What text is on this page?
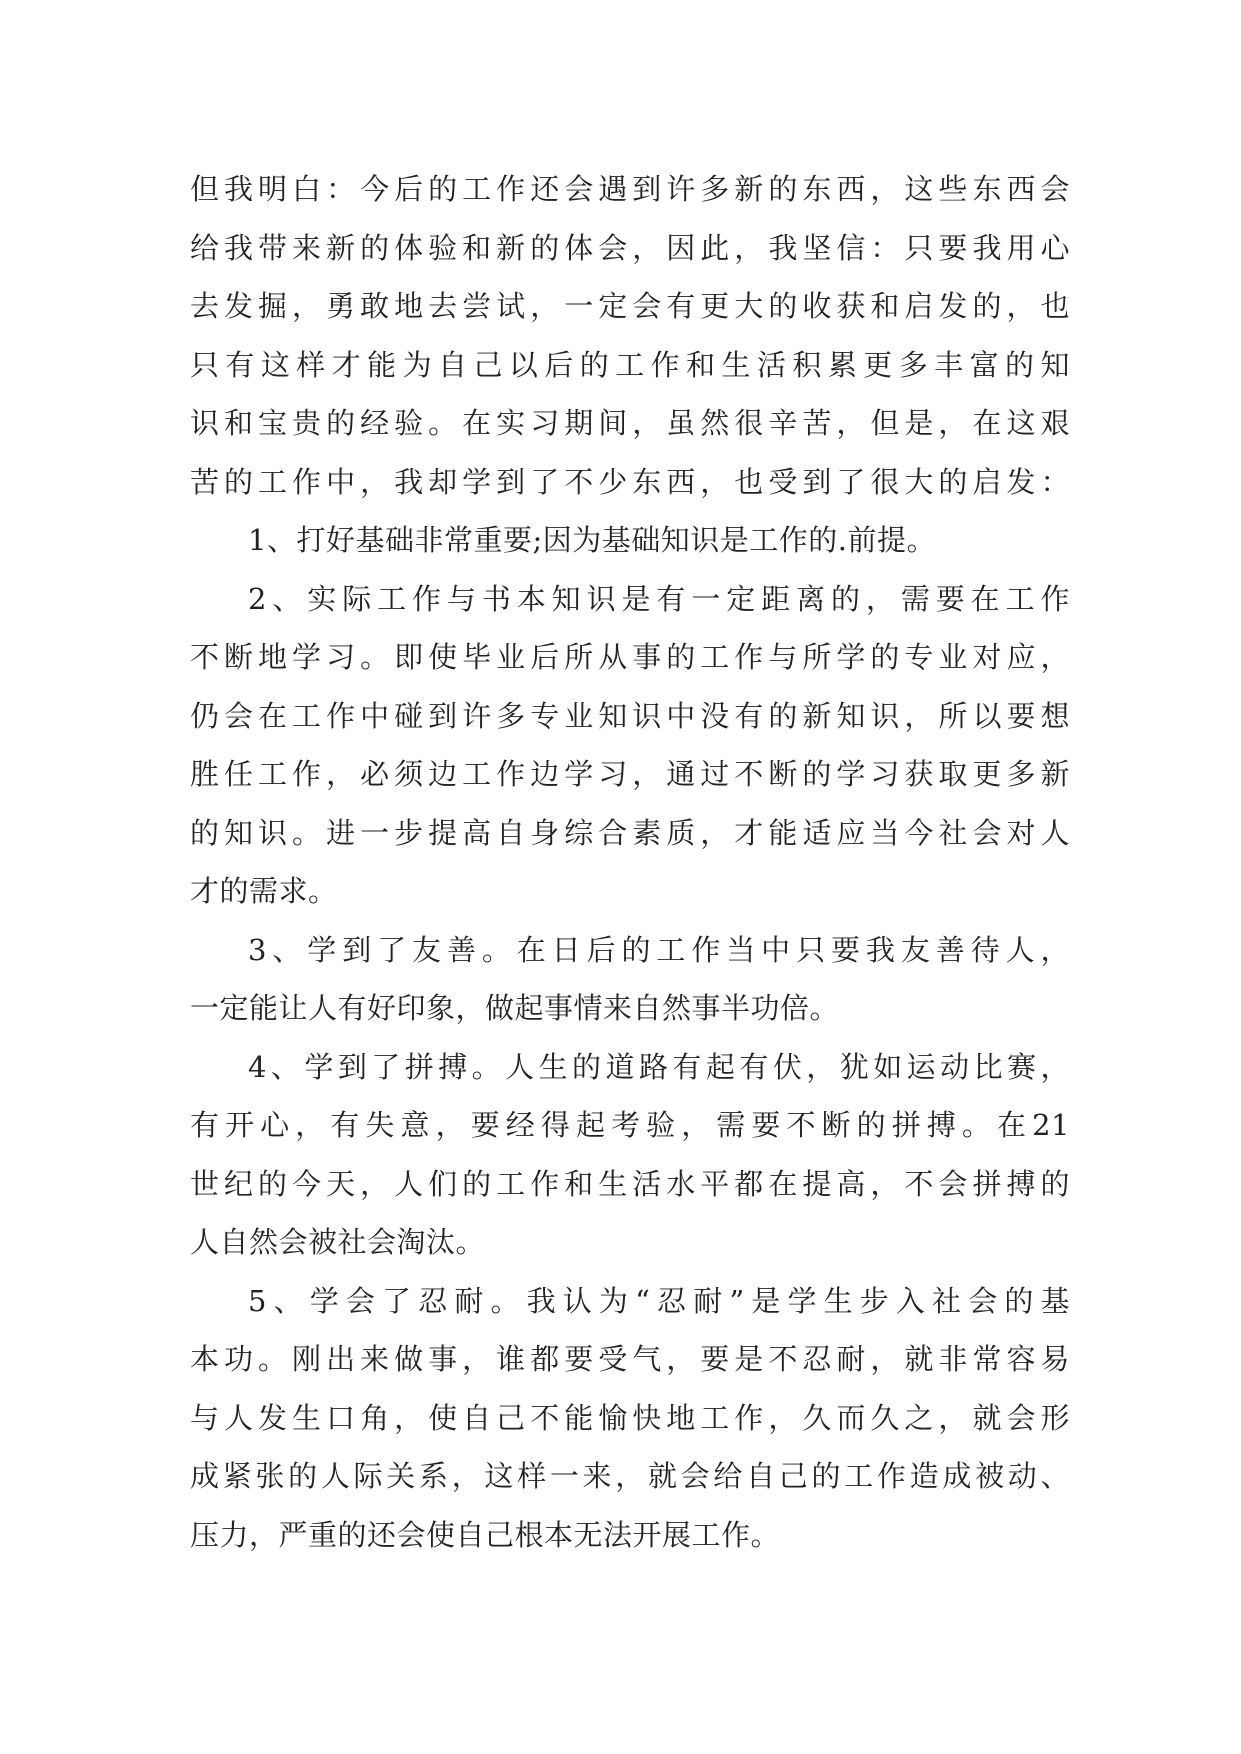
但我明白：今后的工作还会遇到许多新的东西，这些东西会
给我带来新的体验和新的体会，因此，我坚信：只要我用心
去发掘，勇敢地去尝试，一定会有更大的收获和启发的，也
只有这样才能为自己以后的工作和生活积累更多丰富的知
识和宝贵的经验。在实习期间，虽然很辛苦，但是，在这艰
苦的工作中，我却学到了不少东西，也受到了很大的启发：
1、打好基础非常重要;因为基础知识是工作的.前提。
2、实际工作与书本知识是有一定距离的，需要在工作
不断地学习。即使毕业后所从事的工作与所学的专业对应，
仍会在工作中碰到许多专业知识中没有的新知识，所以要想
胜任工作，必须边工作边学习，通过不断的学习获取更多新
的知识。进一步提高自身综合素质，才能适应当今社会对人
才的需求。
3、学到了友善。在日后的工作当中只要我友善待人，
一定能让人有好印象，做起事情来自然事半功倍。
4、学到了拼搏。人生的道路有起有伏，犹如运动比赛，
有开心，有失意，要经得起考验，需要不断的拼搏。在21
世纪的今天，人们的工作和生活水平都在提高，不会拼搏的
人自然会被社会淘汰。
5、学会了忍耐。我认为“忍耐”是学生步入社会的基
本功。刚出来做事，谁都要受气，要是不忍耐，就非常容易
与人发生口角，使自己不能愉快地工作，久而久之，就会形
成紧张的人际关系，这样一来，就会给自己的工作造成被动、
压力，严重的还会使自己根本无法开展工作。
